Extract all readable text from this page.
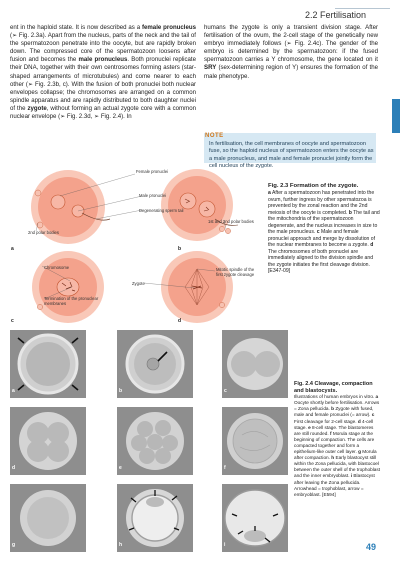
2.2 Fertilisation
ent in the haploid state. It is now described as a female pronucleus (➢ Fig. 2.3a). Apart from the nucleus, parts of the neck and the tail of the spermatozoon penetrate into the oocyte, but are rapidly broken down. The compressed core of the spermatozoon loosens after fusion and becomes the male pronucleus. Both pronuclei replicate their DNA, together with their own centrosomes forming asters (star-shaped arrangements of microtubules) and come nearer to each other (➢ Fig. 2.3b, c). With the fusion of both pronuclei both nuclear envelopes collapse; the chromosomes are arranged on a common spindle apparatus and are rapidly distributed to both daughter nuclei of the zygote, without forming an actual zygote core with a common nuclear envelope (➢ Fig. 2.3d, ➢ Fig. 2.4). In
humans the zygote is only a transient division stage. After fertilisation of the ovum, the 2-cell stage of the genetically new embryo immediately follows (➢ Fig. 2.4c). The gender of the embryo is determined by the spermatozoon: if the fused spermatozoon carries a Y chromosome, the gene located on it SRY (sex-determining region of Y) ensures the formation of the male phenotype.
NOTE
In fertilisation, the cell membranes of oocyte and spermatozoon fuse, so the haploid nucleus of spermatozoon enters the oocyte as a male pronucleus, and male and female pronuclei jointly form the cell nucleus of the zygote.
Female pronuclei
Male pronuclei
Degenerating sperm tail
2nd polar bodies
1st and 2nd polar bodies
Chromosome	Mitotic spindle of the first zygote cleavage
Zygote
Termination of the pronuclear membranes
a	b
c	d
Fig. 2.3 Formation of the zygote.
a After a spermatozoon has penetrated into the ovum, further ingress by other spermatozoa is prevented by the zonal reaction and the 2nd meiosis of the oocyte is completed. b The tail and the mitochondria of the spermatozoon degenerate, and the nucleus increases in size to the male pronucleus. c Male and female pronuclei approach and merge by dissolution of the nuclear membranes to become a zygote. d The chromosomes of both pronuclei are immediately aligned to the division spindle and the zygote initiates the first cleavage division. [E347-09]
a	b	c
d	e	f
g	h	i
Fig. 2.4 Cleavage, compaction and blastocysts.
Illustrations of human embryos in vitro. a Oocyte shortly before fertilisation. Arrows = Zona pellucida. b Zygote with fused, male and female pronuclei (= arrow). c First cleavage for 2-cell stage. d 4-cell stage. e 8-cell stage. The blastomeres are still rounded. f Morula stage at the beginning of compaction. The cells are compacted together and form a epithelium-like outer cell layer. g Morula after compaction. h Early blastocyst still within the Zona pellucida, with blastocoel between the outer shell of the trophoblast and the inner embryoblast. i Blastocyst after leaving the Zona pellucida. Arrowhead = trophoblast, arrow = embryoblast. [E594]
49
